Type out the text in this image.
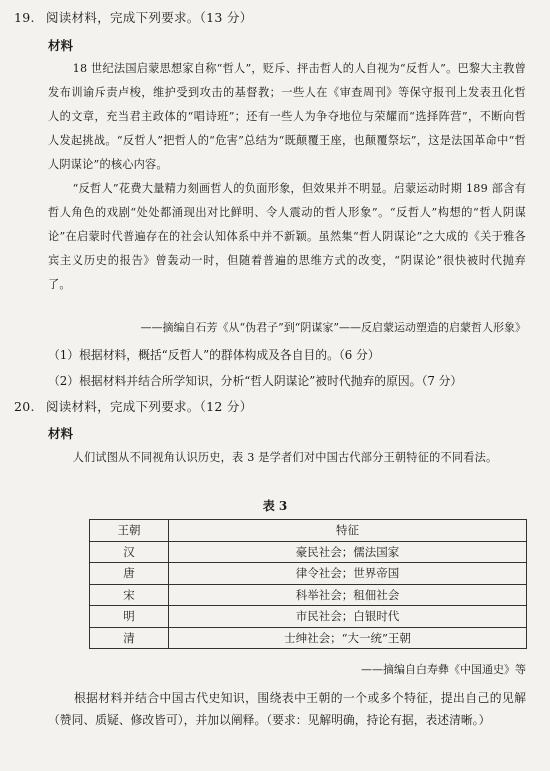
19. 阅读材料，完成下列要求。（13 分）
材料

18 世纪法国启蒙思想家自称“哲人”，贬斥、抨击哲人的人自视为“反哲人”。巴黎大主教曾发布训谕斥责卢梭，维护受到攻击的基督教；一些人在《审查周刊》等保守报刊上发表丑化哲人的文章，充当君主政体的“唱诗班”；还有一些人为争夺地位与荣耀而“选择阵营”，不断向哲人发起挑战。“反哲人”把哲人的“危害”总结为“既颠覆王座，也颠覆祭坛”，这是法国革命中“哲人阴谋论”的核心内容。

“反哲人”花费大量精力刻画哲人的负面形象，但效果并不明显。启蒙运动时期 189 部含有哲人角色的戏剧“处处都涌现出对比鲜明、令人震动的哲人形象”。“反哲人”构想的“哲人阴谋论”在启蒙时代普遍存在的社会认知体系中并不新颖。虽然集“哲人阴谋论”之大成的《关于雅各宾主义历史的报告》曾轰动一时，但随着普遍的思维方式的改变，“阴谋论”很快被时代抛弃了。

——摘编自石芳《从“伪君子”到“阴谋家”——反启蒙运动塑造的启蒙哲人形象》
（1）根据材料，概括“反哲人”的群体构成及各自目的。（6 分）
（2）根据材料并结合所学知识，分析“哲人阴谋论”被时代抛弃的原因。（7 分）
20. 阅读材料，完成下列要求。（12 分）
材料

人们试图从不同视角认识历史，表 3 是学者们对中国古代部分王朝特征的不同看法。

表 3
王朝	特征
汉	豪民社会；儒法国家
唐	律令社会；世界帝国
宋	科举社会；租佃社会
明	市民社会；白银时代
清	士绅社会；“大一统”王朝
——摘编自白寿彝《中国通史》等

根据材料并结合中国古代史知识，围绕表中王朝的一个或多个特征，提出自己的见解（赞同、质疑、修改皆可），并加以阐释。（要求：见解明确，持论有据，表述清晰。）
